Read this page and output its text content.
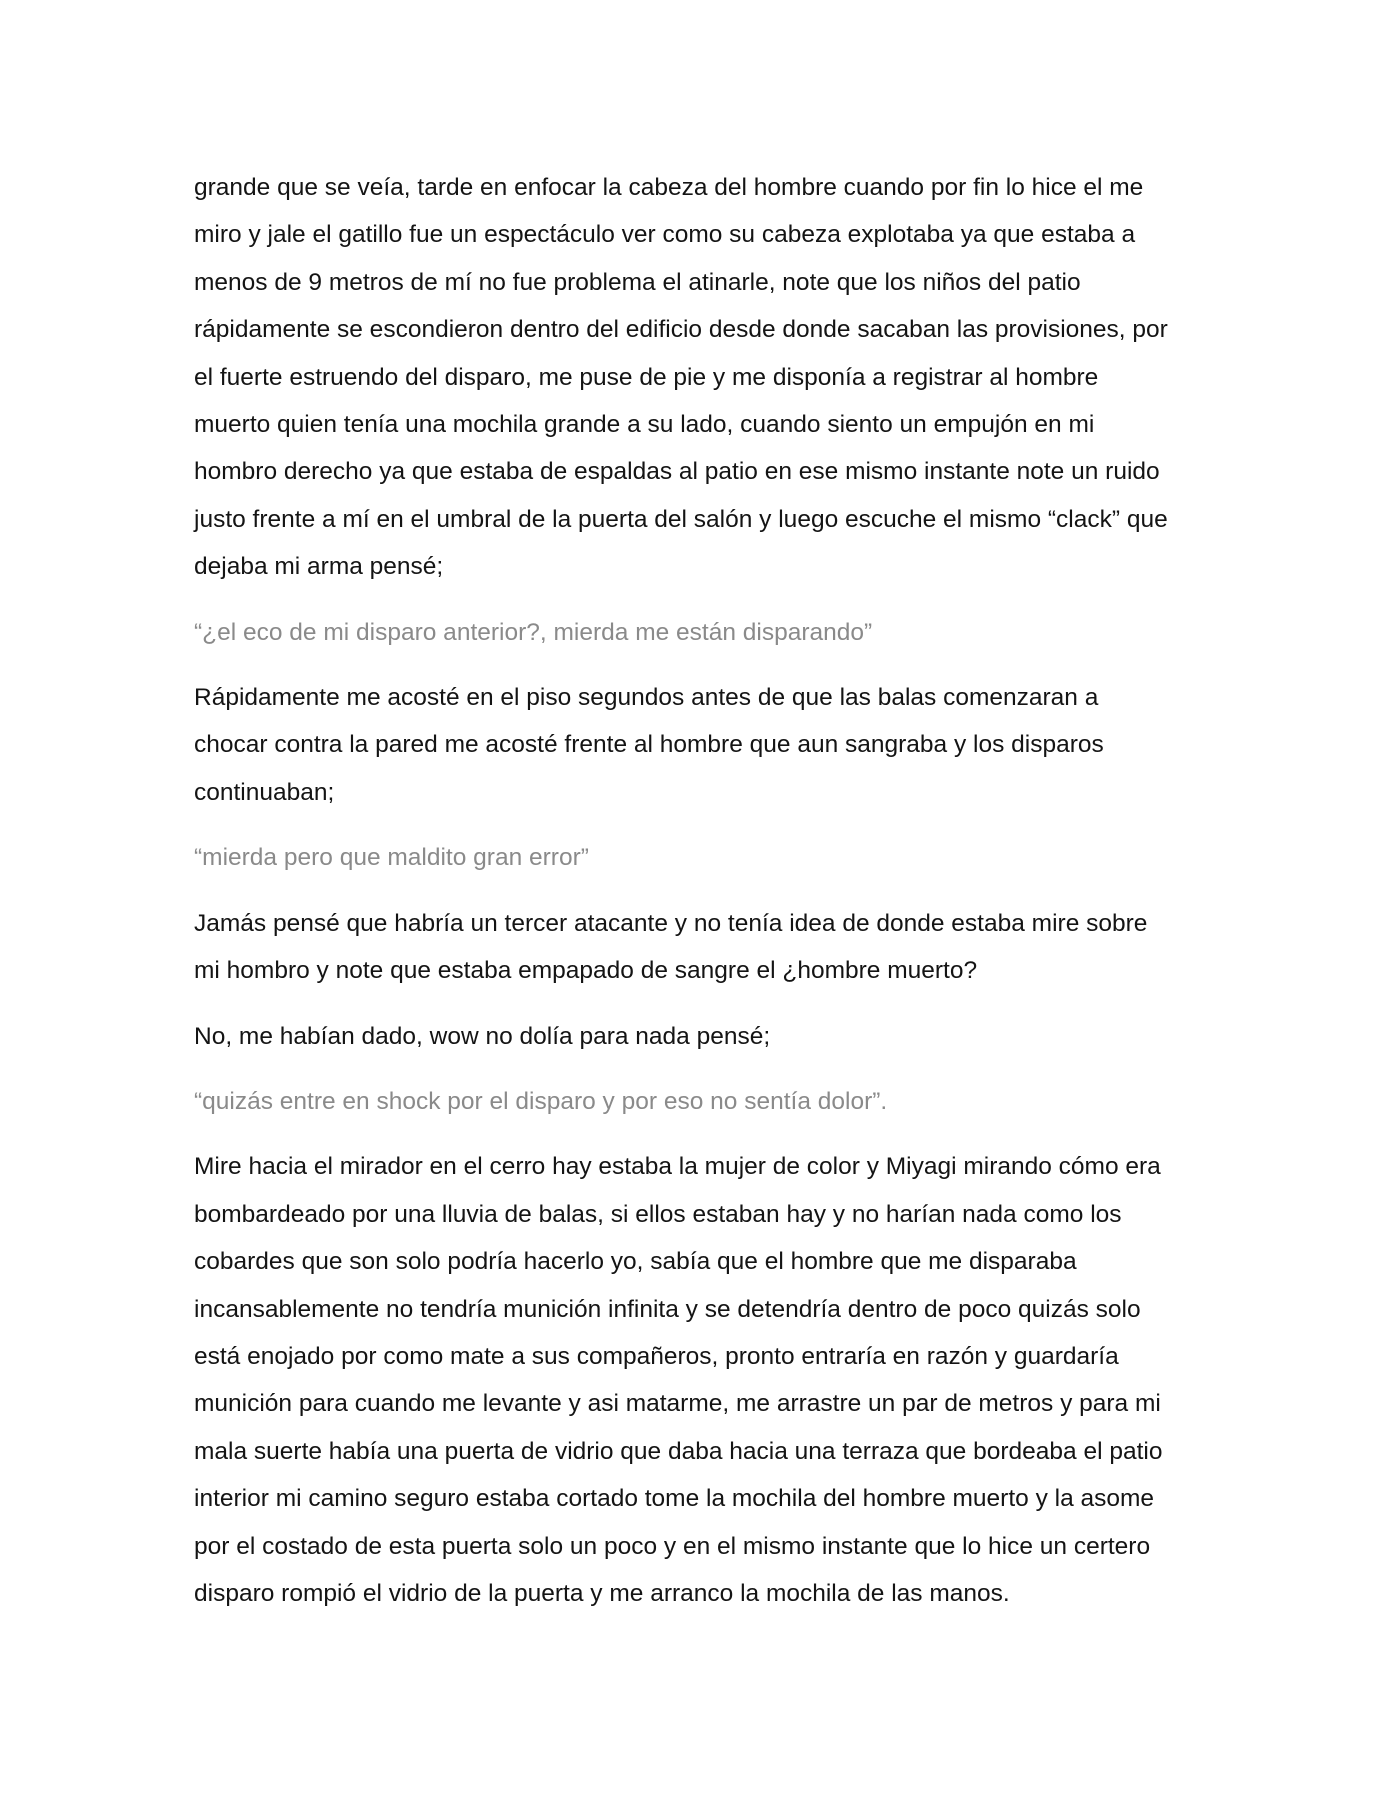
grande que se veía, tarde en enfocar la cabeza del hombre cuando por fin lo hice el me
miro y jale el gatillo fue un espectáculo ver como su cabeza explotaba ya que estaba a
menos de 9 metros de mí no fue problema el atinarle, note que los niños del patio
rápidamente se escondieron dentro del edificio desde donde sacaban las provisiones, por
el fuerte estruendo del disparo, me puse de pie y me disponía a registrar al hombre
muerto quien tenía una mochila grande a su lado, cuando siento un empujón en mi
hombro derecho ya que estaba de espaldas al patio en ese mismo instante note un ruido
justo frente a mí en el umbral de la puerta del salón y luego escuche el mismo “clack” que
dejaba mi arma pensé;

“¿el eco de mi disparo anterior?, mierda me están disparando”

Rápidamente me acosté en el piso segundos antes de que las balas comenzaran a
chocar contra la pared me acosté frente al hombre que aun sangraba y los disparos
continuaban;

“mierda pero que maldito gran error”

Jamás pensé que habría un tercer atacante y no tenía idea de donde estaba mire sobre
mi hombro y note que estaba empapado de sangre el ¿hombre muerto?

No, me habían dado, wow no dolía para nada pensé;

“quizás entre en shock por el disparo y por eso no sentía dolor”.

Mire hacia el mirador en el cerro hay estaba la mujer de color y Miyagi mirando cómo era
bombardeado por una lluvia de balas, si ellos estaban hay y no harían nada como los
cobardes que son solo podría hacerlo yo, sabía que el hombre que me disparaba
incansablemente no tendría munición infinita y se detendría dentro de poco quizás solo
está enojado por como mate a sus compañeros, pronto entraría en razón y guardaría
munición para cuando me levante y asi matarme, me arrastre un par de metros y para mi
mala suerte había una puerta de vidrio que daba hacia una terraza que bordeaba el patio
interior mi camino seguro estaba cortado tome la mochila del hombre muerto y la asome
por el costado de esta puerta solo un poco y en el mismo instante que lo hice un certero
disparo rompió el vidrio de la puerta y me arranco la mochila de las manos.
